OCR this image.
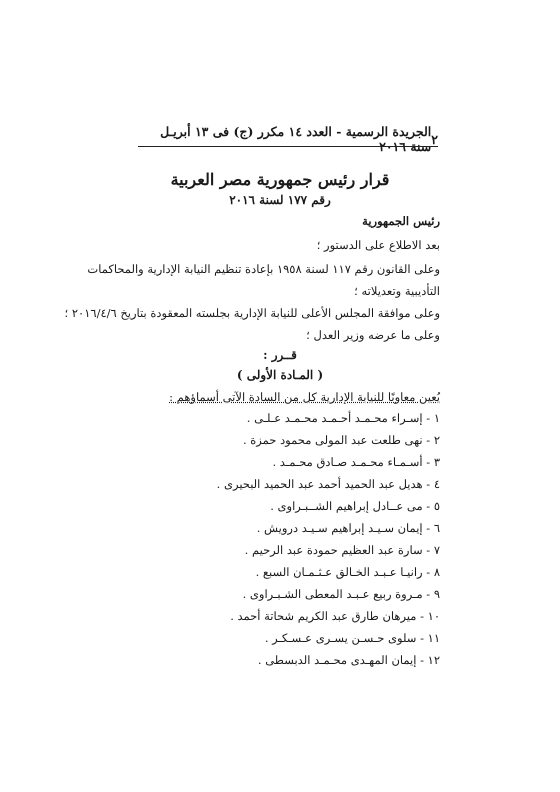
٢
الجريدة الرسمية - العدد ١٤ مكرر (ج) فى ١٣ أبريـل سنة ٢٠١٦
قرار رئيس جمهورية مصر العربية
رقم ١٧٧ لسنة ٢٠١٦
رئيس الجمهورية
بعد الاطلاع على الدستور ؛
وعلى القانون رقم ١١٧ لسنة ١٩٥٨ بإعادة تنظيم النيابة الإدارية والمحاكمات
التأديبية وتعديلاته ؛
وعلى موافقة المجلس الأعلى للنيابة الإدارية بجلسته المعقودة بتاريخ ٢٠١٦/٤/٦ ؛
وعلى ما عرضه وزير العدل ؛
قــرر :
( المـادة الأولى )
يُعين معاونًا للنيابة الإدارية كل من السادة الآتى أسماؤهم :
١ - إسـراء محـمـد أحـمـد محـمـد عـلـى .
٢ - نهى طلعت عبد المولى محمود حمزة .
٣ - أسـمـاء محـمـد صـادق محـمـد .
٤ - هديل عبد الحميد أحمد عبد الحميد البحيرى .
٥ - مى عــادل إبراهيم الشــبـراوى .
٦ - إيمان سـيـد إبراهيم سـيـد درويش .
٧ - سارة عبد العظيم حمودة عبد الرحيم .
٨ - رانيـا عـبـد الخـالق عـثـمـان السبع .
٩ - مـروة ربيع عـبـد المعطى الشـبـراوى .
١٠ - ميرهان طارق عبد الكريم شحاتة أحمد .
١١ - سلوى حـسـن يسـرى عـسـكـر .
١٢ - إيمان المهـدى محـمـد الدبسطى .
